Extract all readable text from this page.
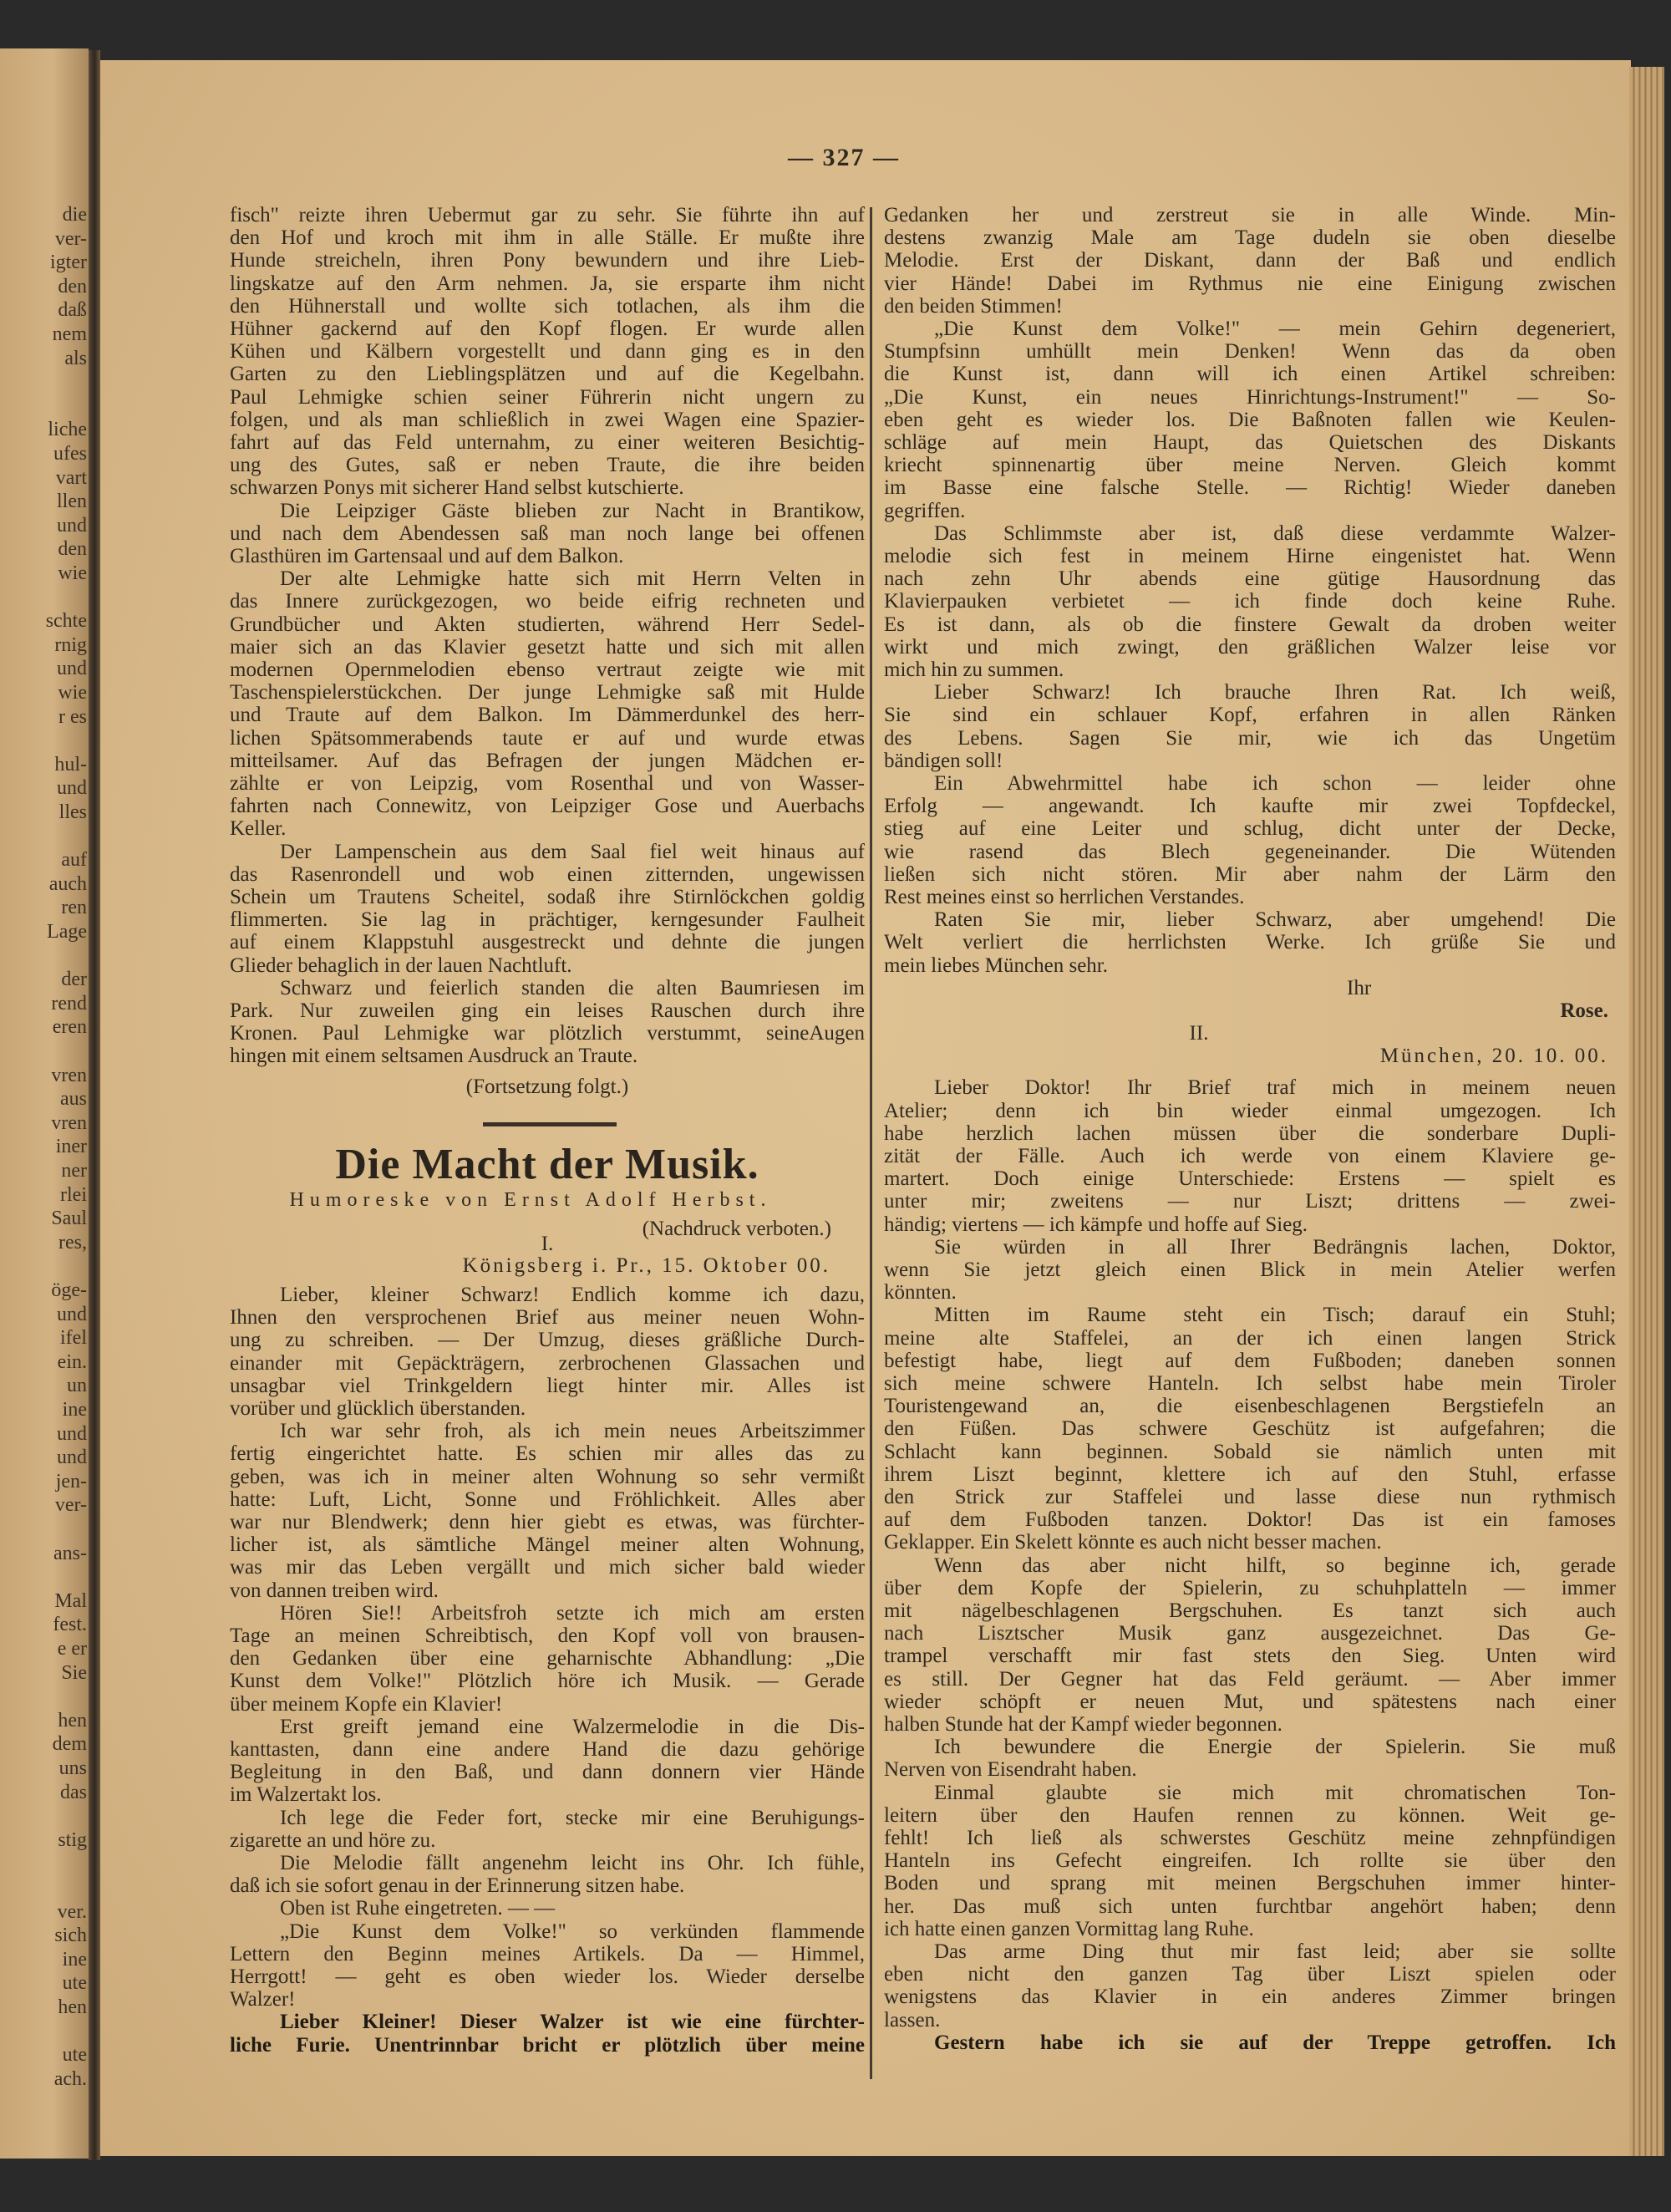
— 327 —
(Fortsetzung folgt.)
Die Macht der Musik.
Humoreske von Ernst Adolf Herbst.
(Nachdruck verboten.)
I.
Königsberg i. Pr., 15. Oktober 00.
Ihr
Rose.
II.
München, 20. 10. 00.
fisch" reizte ihren Uebermut gar zu sehr. Sie führte ihn auf
den Hof und kroch mit ihm in alle Ställe. Er mußte ihre
Hunde streicheln, ihren Pony bewundern und ihre Lieb-
lingskatze auf den Arm nehmen. Ja, sie ersparte ihm nicht
den Hühnerstall und wollte sich totlachen, als ihm die
Hühner gackernd auf den Kopf flogen. Er wurde allen
Kühen und Kälbern vorgestellt und dann ging es in den
Garten zu den Lieblingsplätzen und auf die Kegelbahn.
Paul Lehmigke schien seiner Führerin nicht ungern zu
folgen, und als man schließlich in zwei Wagen eine Spazier-
fahrt auf das Feld unternahm, zu einer weiteren Besichtig-
ung des Gutes, saß er neben Traute, die ihre beiden
schwarzen Ponys mit sicherer Hand selbst kutschierte.
Die Leipziger Gäste blieben zur Nacht in Brantikow,
und nach dem Abendessen saß man noch lange bei offenen
Glasthüren im Gartensaal und auf dem Balkon.
Der alte Lehmigke hatte sich mit Herrn Velten in
das Innere zurückgezogen, wo beide eifrig rechneten und
Grundbücher und Akten studierten, während Herr Sedel-
maier sich an das Klavier gesetzt hatte und sich mit allen
modernen Opernmelodien ebenso vertraut zeigte wie mit
Taschenspielerstückchen. Der junge Lehmigke saß mit Hulde
und Traute auf dem Balkon. Im Dämmerdunkel des herr-
lichen Spätsommerabends taute er auf und wurde etwas
mitteilsamer. Auf das Befragen der jungen Mädchen er-
zählte er von Leipzig, vom Rosenthal und von Wasser-
fahrten nach Connewitz, von Leipziger Gose und Auerbachs
Keller.
Der Lampenschein aus dem Saal fiel weit hinaus auf
das Rasenrondell und wob einen zitternden, ungewissen
Schein um Trautens Scheitel, sodaß ihre Stirnlöckchen goldig
flimmerten. Sie lag in prächtiger, kerngesunder Faulheit
auf einem Klappstuhl ausgestreckt und dehnte die jungen
Glieder behaglich in der lauen Nachtluft.
Schwarz und feierlich standen die alten Baumriesen im
Park. Nur zuweilen ging ein leises Rauschen durch ihre
Kronen. Paul Lehmigke war plötzlich verstummt, seineAugen
hingen mit einem seltsamen Ausdruck an Traute.
Lieber, kleiner Schwarz! Endlich komme ich dazu,
Ihnen den versprochenen Brief aus meiner neuen Wohn-
ung zu schreiben. — Der Umzug, dieses gräßliche Durch-
einander mit Gepäckträgern, zerbrochenen Glassachen und
unsagbar viel Trinkgeldern liegt hinter mir. Alles ist
vorüber und glücklich überstanden.
Ich war sehr froh, als ich mein neues Arbeitszimmer
fertig eingerichtet hatte. Es schien mir alles das zu
geben, was ich in meiner alten Wohnung so sehr vermißt
hatte: Luft, Licht, Sonne und Fröhlichkeit. Alles aber
war nur Blendwerk; denn hier giebt es etwas, was fürchter-
licher ist, als sämtliche Mängel meiner alten Wohnung,
was mir das Leben vergällt und mich sicher bald wieder
von dannen treiben wird.
Hören Sie!! Arbeitsfroh setzte ich mich am ersten
Tage an meinen Schreibtisch, den Kopf voll von brausen-
den Gedanken über eine geharnischte Abhandlung: „Die
Kunst dem Volke!" Plötzlich höre ich Musik. — Gerade
über meinem Kopfe ein Klavier!
Erst greift jemand eine Walzermelodie in die Dis-
kanttasten, dann eine andere Hand die dazu gehörige
Begleitung in den Baß, und dann donnern vier Hände
im Walzertakt los.
Ich lege die Feder fort, stecke mir eine Beruhigungs-
zigarette an und höre zu.
Die Melodie fällt angenehm leicht ins Ohr. Ich fühle,
daß ich sie sofort genau in der Erinnerung sitzen habe.
Oben ist Ruhe eingetreten. — —
„Die Kunst dem Volke!" so verkünden flammende
Lettern den Beginn meines Artikels. Da — Himmel,
Herrgott! — geht es oben wieder los. Wieder derselbe
Walzer!
Lieber Kleiner! Dieser Walzer ist wie eine fürchter-
liche Furie. Unentrinnbar bricht er plötzlich über meine
Gedanken her und zerstreut sie in alle Winde. Min-
destens zwanzig Male am Tage dudeln sie oben dieselbe
Melodie. Erst der Diskant, dann der Baß und endlich
vier Hände! Dabei im Rythmus nie eine Einigung zwischen
den beiden Stimmen!
„Die Kunst dem Volke!" — mein Gehirn degeneriert,
Stumpfsinn umhüllt mein Denken! Wenn das da oben
die Kunst ist, dann will ich einen Artikel schreiben:
„Die Kunst, ein neues Hinrichtungs-Instrument!" — So-
eben geht es wieder los. Die Baßnoten fallen wie Keulen-
schläge auf mein Haupt, das Quietschen des Diskants
kriecht spinnenartig über meine Nerven. Gleich kommt
im Basse eine falsche Stelle. — Richtig! Wieder daneben
gegriffen.
Das Schlimmste aber ist, daß diese verdammte Walzer-
melodie sich fest in meinem Hirne eingenistet hat. Wenn
nach zehn Uhr abends eine gütige Hausordnung das
Klavierpauken verbietet — ich finde doch keine Ruhe.
Es ist dann, als ob die finstere Gewalt da droben weiter
wirkt und mich zwingt, den gräßlichen Walzer leise vor
mich hin zu summen.
Lieber Schwarz! Ich brauche Ihren Rat. Ich weiß,
Sie sind ein schlauer Kopf, erfahren in allen Ränken
des Lebens. Sagen Sie mir, wie ich das Ungetüm
bändigen soll!
Ein Abwehrmittel habe ich schon — leider ohne
Erfolg — angewandt. Ich kaufte mir zwei Topfdeckel,
stieg auf eine Leiter und schlug, dicht unter der Decke,
wie rasend das Blech gegeneinander. Die Wütenden
ließen sich nicht stören. Mir aber nahm der Lärm den
Rest meines einst so herrlichen Verstandes.
Raten Sie mir, lieber Schwarz, aber umgehend! Die
Welt verliert die herrlichsten Werke. Ich grüße Sie und
mein liebes München sehr.
Lieber Doktor! Ihr Brief traf mich in meinem neuen
Atelier; denn ich bin wieder einmal umgezogen. Ich
habe herzlich lachen müssen über die sonderbare Dupli-
zität der Fälle. Auch ich werde von einem Klaviere ge-
martert. Doch einige Unterschiede: Erstens — spielt es
unter mir; zweitens — nur Liszt; drittens — zwei-
händig; viertens — ich kämpfe und hoffe auf Sieg.
Sie würden in all Ihrer Bedrängnis lachen, Doktor,
wenn Sie jetzt gleich einen Blick in mein Atelier werfen
könnten.
Mitten im Raume steht ein Tisch; darauf ein Stuhl;
meine alte Staffelei, an der ich einen langen Strick
befestigt habe, liegt auf dem Fußboden; daneben sonnen
sich meine schwere Hanteln. Ich selbst habe mein Tiroler
Touristengewand an, die eisenbeschlagenen Bergstiefeln an
den Füßen. Das schwere Geschütz ist aufgefahren; die
Schlacht kann beginnen. Sobald sie nämlich unten mit
ihrem Liszt beginnt, klettere ich auf den Stuhl, erfasse
den Strick zur Staffelei und lasse diese nun rythmisch
auf dem Fußboden tanzen. Doktor! Das ist ein famoses
Geklapper. Ein Skelett könnte es auch nicht besser machen.
Wenn das aber nicht hilft, so beginne ich, gerade
über dem Kopfe der Spielerin, zu schuhplatteln — immer
mit nägelbeschlagenen Bergschuhen. Es tanzt sich auch
nach Lisztscher Musik ganz ausgezeichnet. Das Ge-
trampel verschafft mir fast stets den Sieg. Unten wird
es still. Der Gegner hat das Feld geräumt. — Aber immer
wieder schöpft er neuen Mut, und spätestens nach einer
halben Stunde hat der Kampf wieder begonnen.
Ich bewundere die Energie der Spielerin. Sie muß
Nerven von Eisendraht haben.
Einmal glaubte sie mich mit chromatischen Ton-
leitern über den Haufen rennen zu können. Weit ge-
fehlt! Ich ließ als schwerstes Geschütz meine zehnpfündigen
Hanteln ins Gefecht eingreifen. Ich rollte sie über den
Boden und sprang mit meinen Bergschuhen immer hinter-
her. Das muß sich unten furchtbar angehört haben; denn
ich hatte einen ganzen Vormittag lang Ruhe.
Das arme Ding thut mir fast leid; aber sie sollte
eben nicht den ganzen Tag über Liszt spielen oder
wenigstens das Klavier in ein anderes Zimmer bringen
lassen.
Gestern habe ich sie auf der Treppe getroffen. Ich
die
ver-
igter
den
daß
nem
als
liche
ufes
vart
llen
und
den
wie
schte
rnig
und
wie
r es
hul-
und
lles
auf
auch
ren
Lage
der
rend
eren
vren
aus
vren
iner
ner
rlei
Saul
res,
öge-
und
ifel
ein.
un
ine
und
und
jen-
ver-
ans-
Mal
fest.
e er
Sie
hen
dem
uns
das
stig
ver.
sich
ine
ute
hen
ute
ach.
